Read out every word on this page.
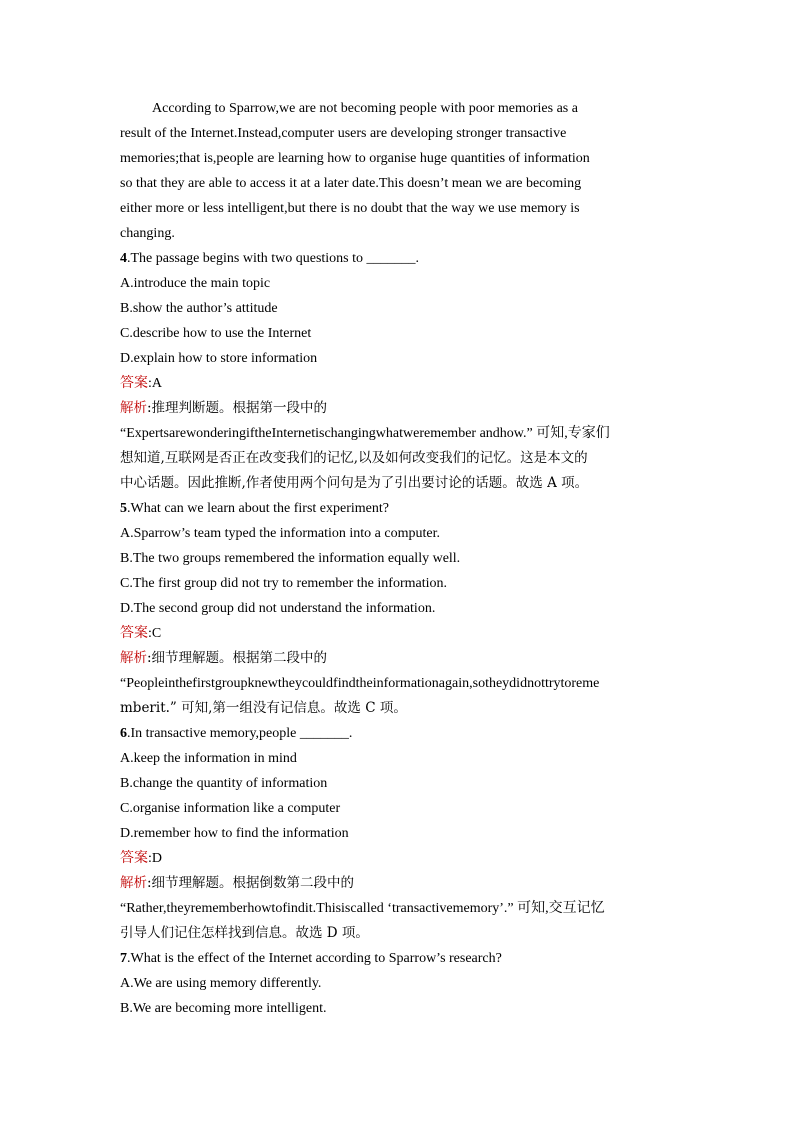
According to Sparrow,we are not becoming people with poor memories as a
result of the Internet.Instead,computer users are developing stronger transactive
memories;that is,people are learning how to organise huge quantities of information
so that they are able to access it at a later date.This doesn’t mean we are becoming
either more or less intelligent,but there is no doubt that the way we use memory is
changing.
4.The passage begins with two questions to _______.
A.introduce the main topic
B.show the author’s attitude
C.describe how to use the Internet
D.explain how to store information
答案:A
解析:推理判断题。根据第一段中的
“ExpertsarewonderingiftheInternetischangingwhatweremember andhow.” 可知,专家们
想知道,互联网是否正在改变我们的记忆,以及如何改变我们的记忆。这是本文的
中心话题。因此推断,作者使用两个问句是为了引出要讨论的话题。故选 A 项。
5.What can we learn about the first experiment?
A.Sparrow’s team typed the information into a computer.
B.The two groups remembered the information equally well.
C.The first group did not try to remember the information.
D.The second group did not understand the information.
答案:C
解析:细节理解题。根据第二段中的
“Peopleinthefirstgroupknewtheycouldfindtheinformationagain,sotheydidnottrytoreme
mberit.” 可知,第一组没有记信息。故选 C 项。
6.In transactive memory,people _______.
A.keep the information in mind
B.change the quantity of information
C.organise information like a computer
D.remember how to find the information
答案:D
解析:细节理解题。根据倒数第二段中的
“Rather,theyrememberhowtofindit.Thisiscalled ‘transactivememory’.” 可知,交互记忆
引导人们记住怎样找到信息。故选 D 项。
7.What is the effect of the Internet according to Sparrow’s research?
A.We are using memory differently.
B.We are becoming more intelligent.
